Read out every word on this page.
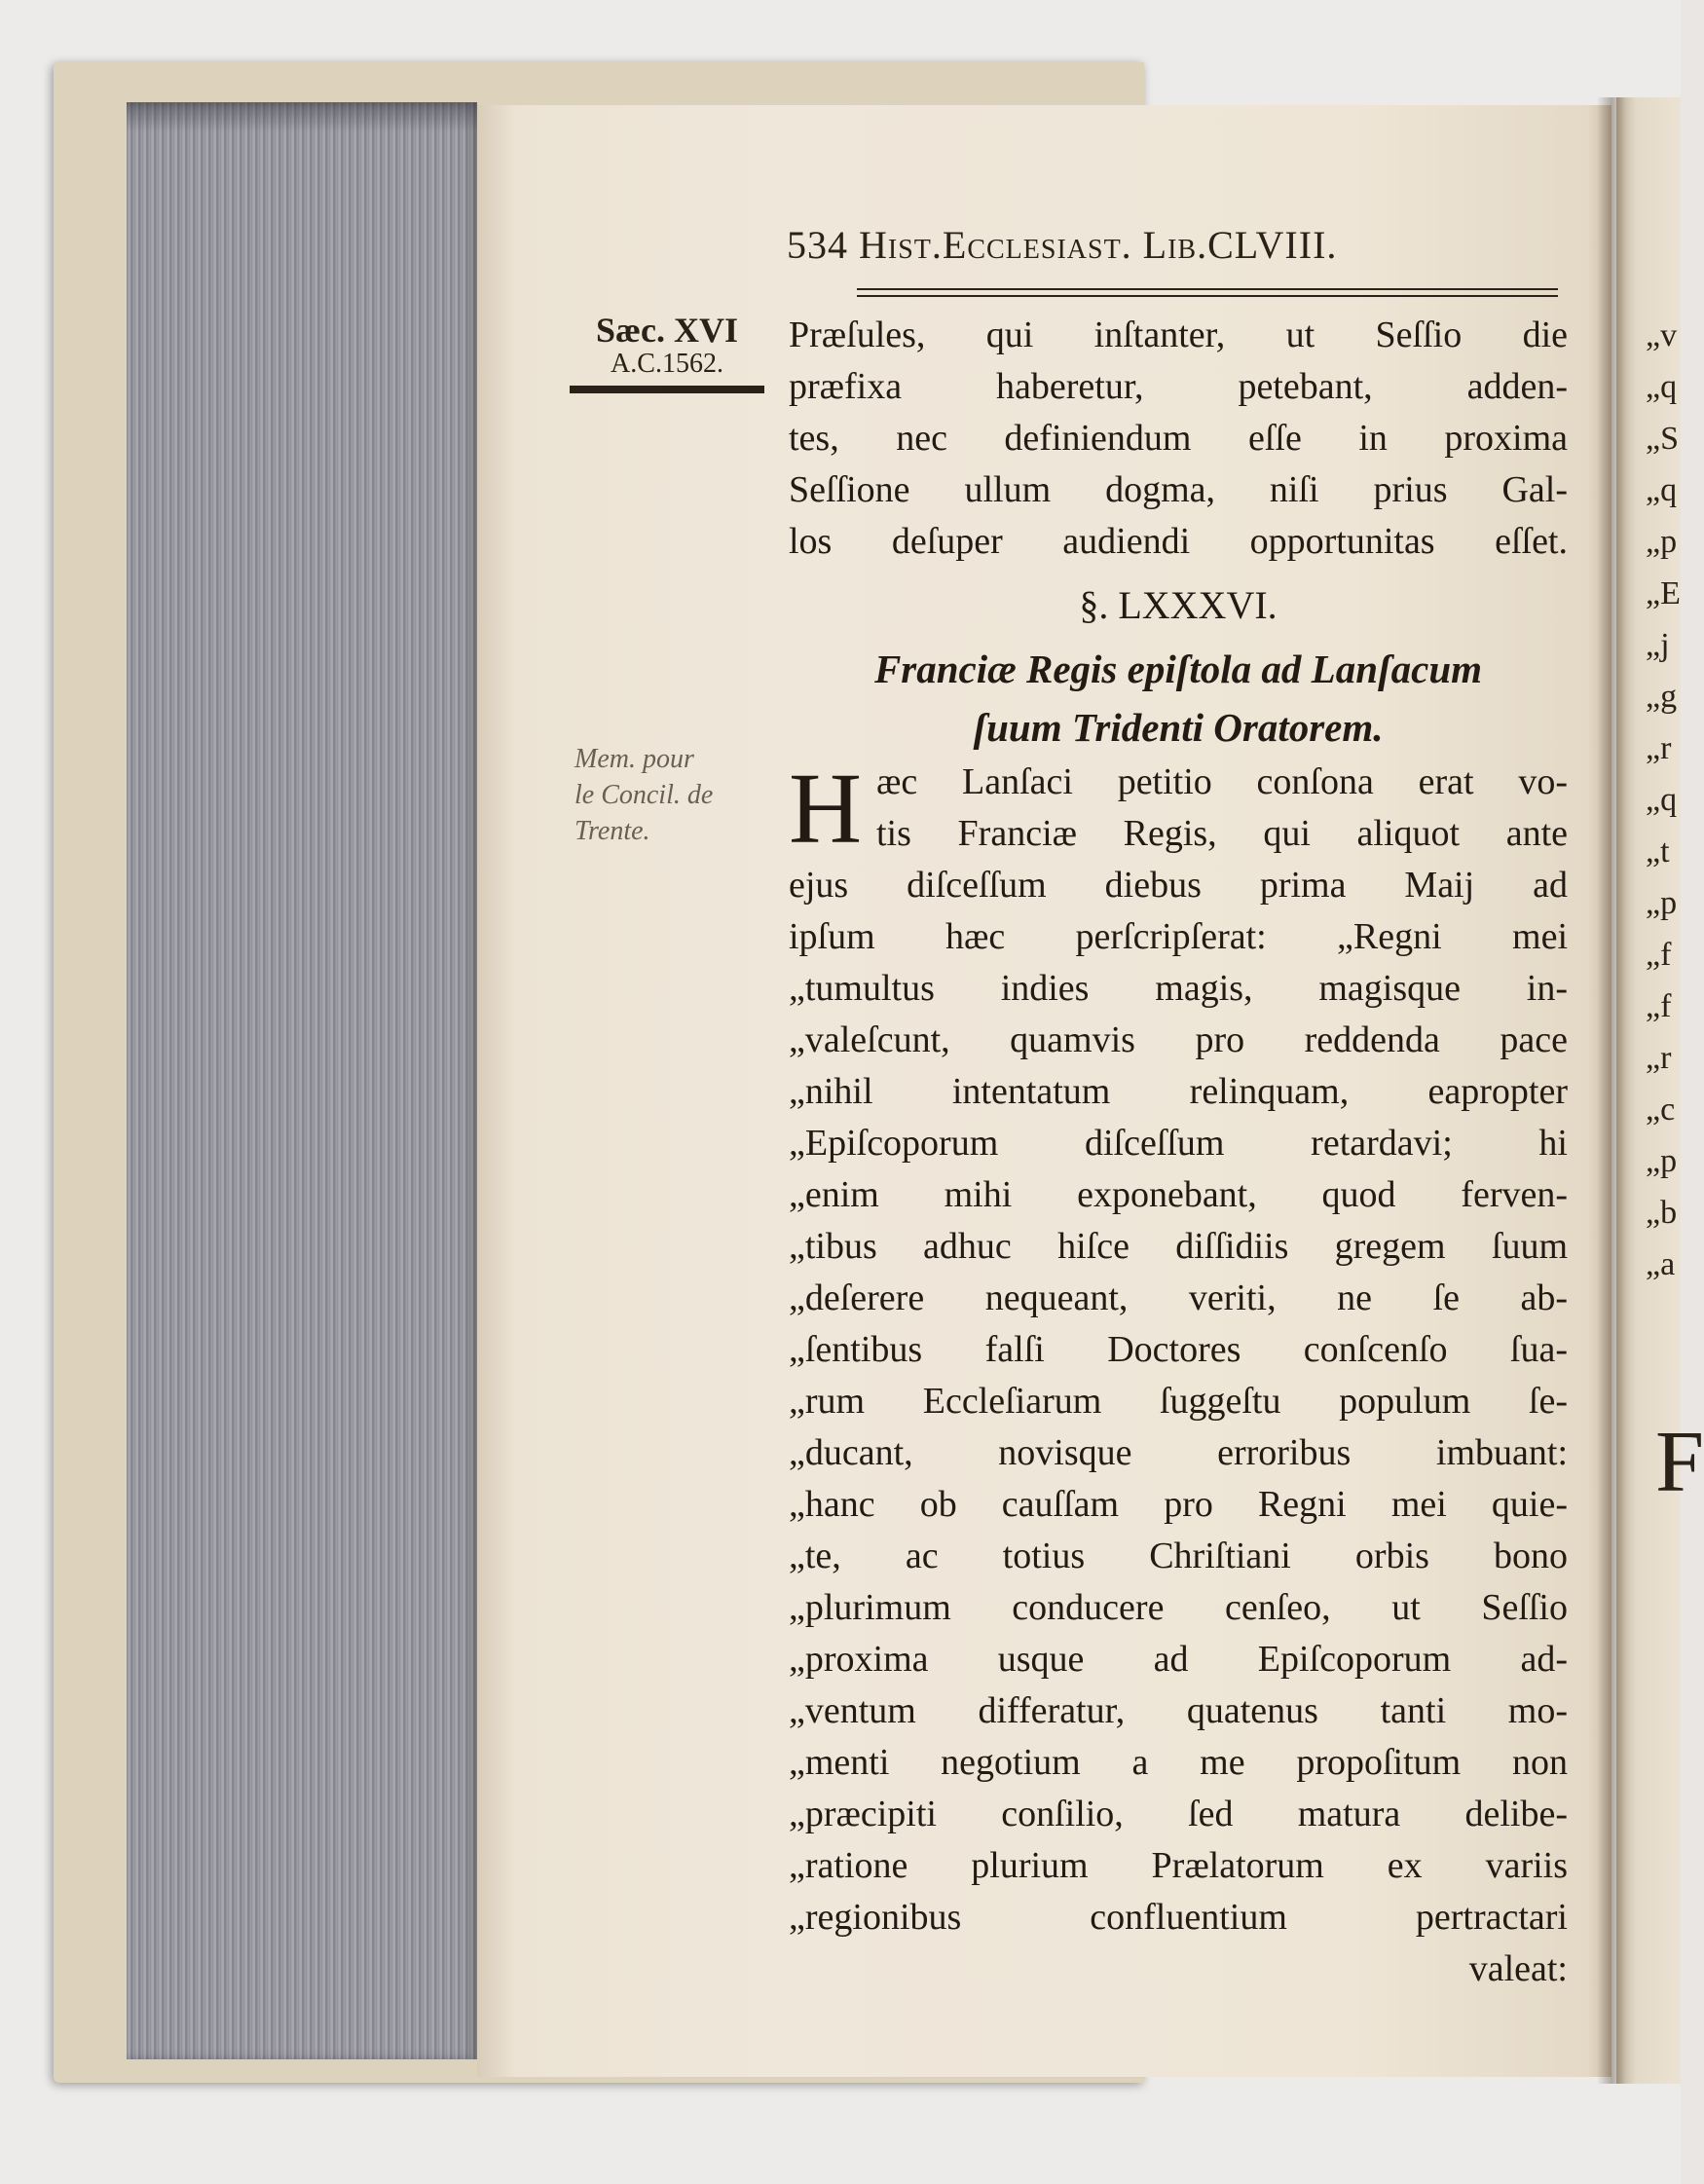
534 Hist.Ecclesiast. Lib.CLVIII.
Sæc. XVI
A.C.1562.
Mem. pour
le Concil. de
Trente.
Præſules, qui inſtanter, ut Seſſio die
præfixa haberetur, petebant, adden-
tes, nec definiendum eſſe in proxima
Seſſione ullum dogma, niſi prius Gal-
los deſuper audiendi opportunitas eſſet.
§. LXXXVI.
Franciæ Regis epiſtola ad Lanſacum
ſuum Tridenti Oratorem.
H æc Lanſaci petitio conſona erat vo-
tis Franciæ Regis, qui aliquot ante
ejus diſceſſum diebus prima Maij ad
ipſum hæc perſcripſerat: „Regni mei
„tumultus indies magis, magisque in-
„valeſcunt, quamvis pro reddenda pace
„nihil intentatum relinquam, eapropter
„Epiſcoporum diſceſſum retardavi; hi
„enim mihi exponebant, quod ferven-
„tibus adhuc hiſce diſſidiis gregem ſuum
„deſerere nequeant, veriti, ne ſe ab-
„ſentibus falſi Doctores conſcenſo ſua-
„rum Eccleſiarum ſuggeſtu populum ſe-
„ducant, novisque erroribus imbuant:
„hanc ob cauſſam pro Regni mei quie-
„te, ac totius Chriſtiani orbis bono
„plurimum conducere cenſeo, ut Seſſio
„proxima usque ad Epiſcoporum ad-
„ventum differatur, quatenus tanti mo-
„menti negotium a me propoſitum non
„præcipiti conſilio, ſed matura delibe-
„ratione plurium Prælatorum ex variis
„regionibus confluentium pertractari
valeat:
„v
„q
„S
„q
„p
„E
„j
„g
„r
„q
„t
„p
„f
„f
„r
„c
„p
„b
„a
F
